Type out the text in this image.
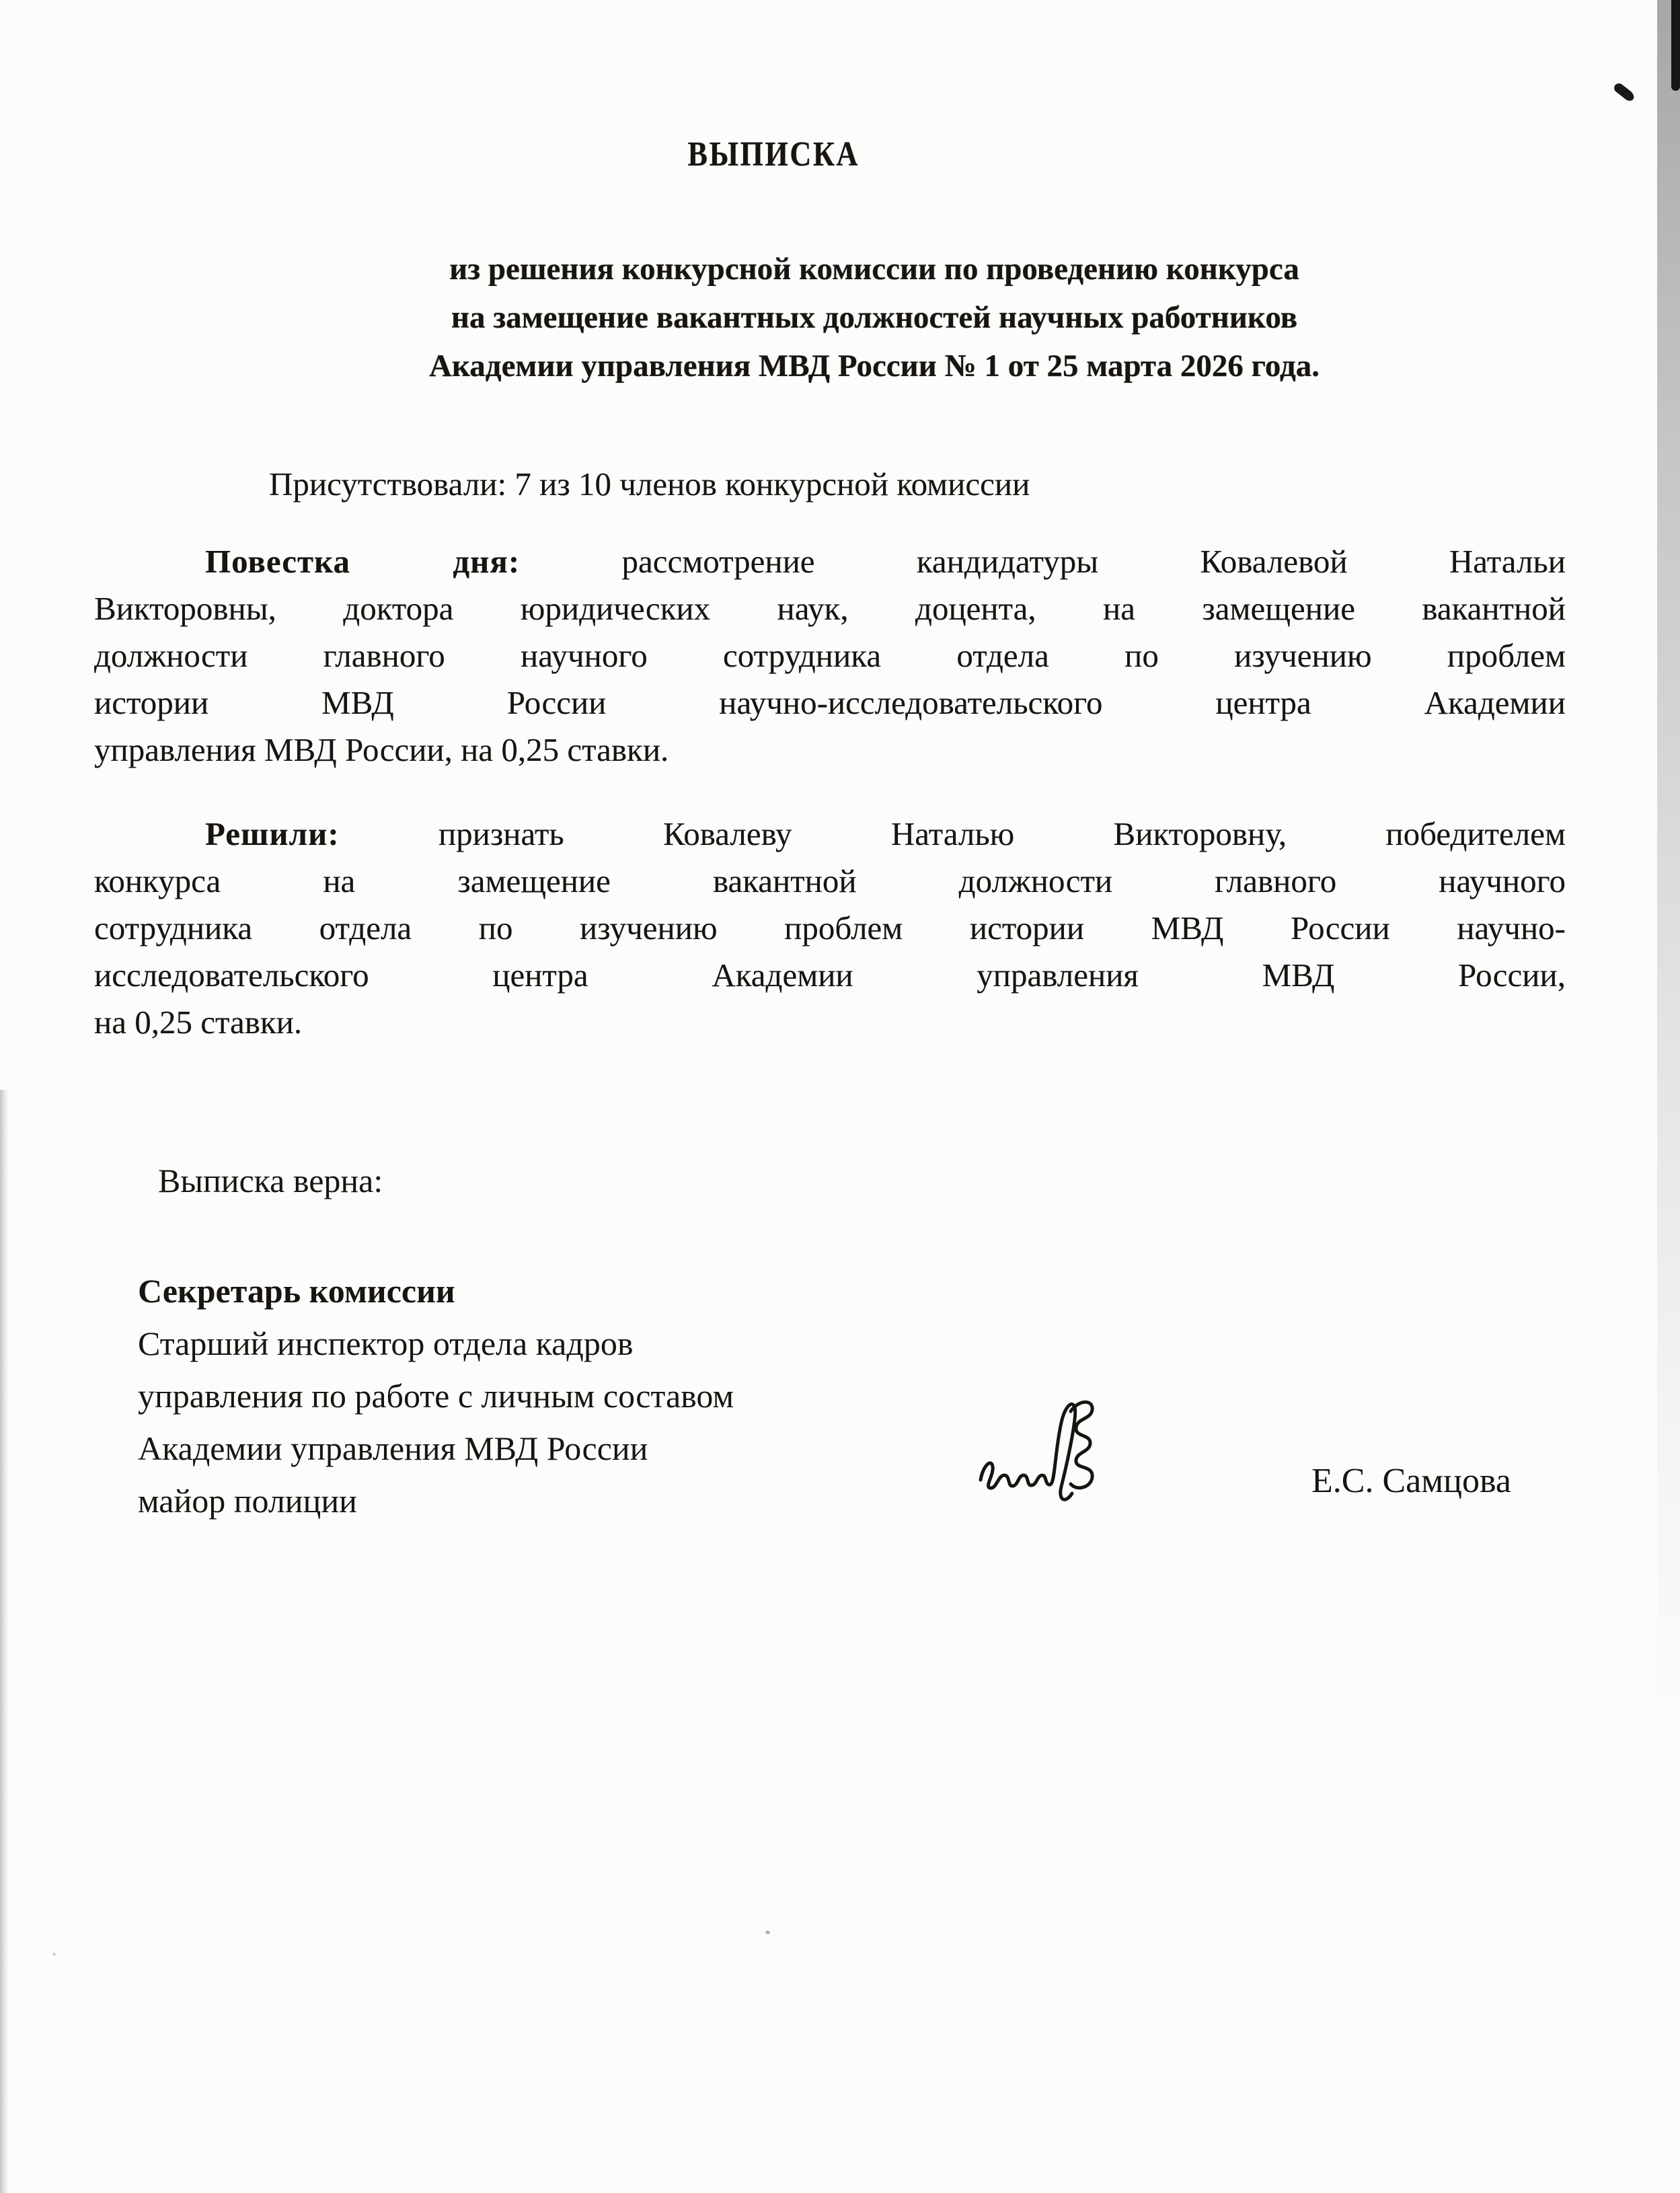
ВЫПИСКА
из решения конкурсной комиссии по проведению конкурса
на замещение вакантных должностей научных работников
Академии управления МВД России № 1 от 25 марта 2026 года.
Присутствовали: 7 из 10 членов конкурсной комиссии
Повестка дня:	рассмотрение кандидатуры Ковалевой Натальи
Викторовны, доктора юридических наук, доцента, на замещение вакантной
должности главного научного сотрудника отдела по изучению проблем
истории МВД России научно-исследовательского центра Академии
управления МВД России, на 0,25 ставки.
Решили:	признать Ковалеву Наталью Викторовну, победителем
конкурса на замещение вакантной должности главного научного
сотрудника отдела по изучению проблем истории МВД России научно-
исследовательского центра Академии управления МВД России,
на 0,25 ставки.
Выписка верна:
Секретарь комиссии
Старший инспектор отдела кадров
управления по работе с личным составом
Академии управления МВД России
майор полиции
Е.С. Самцова
